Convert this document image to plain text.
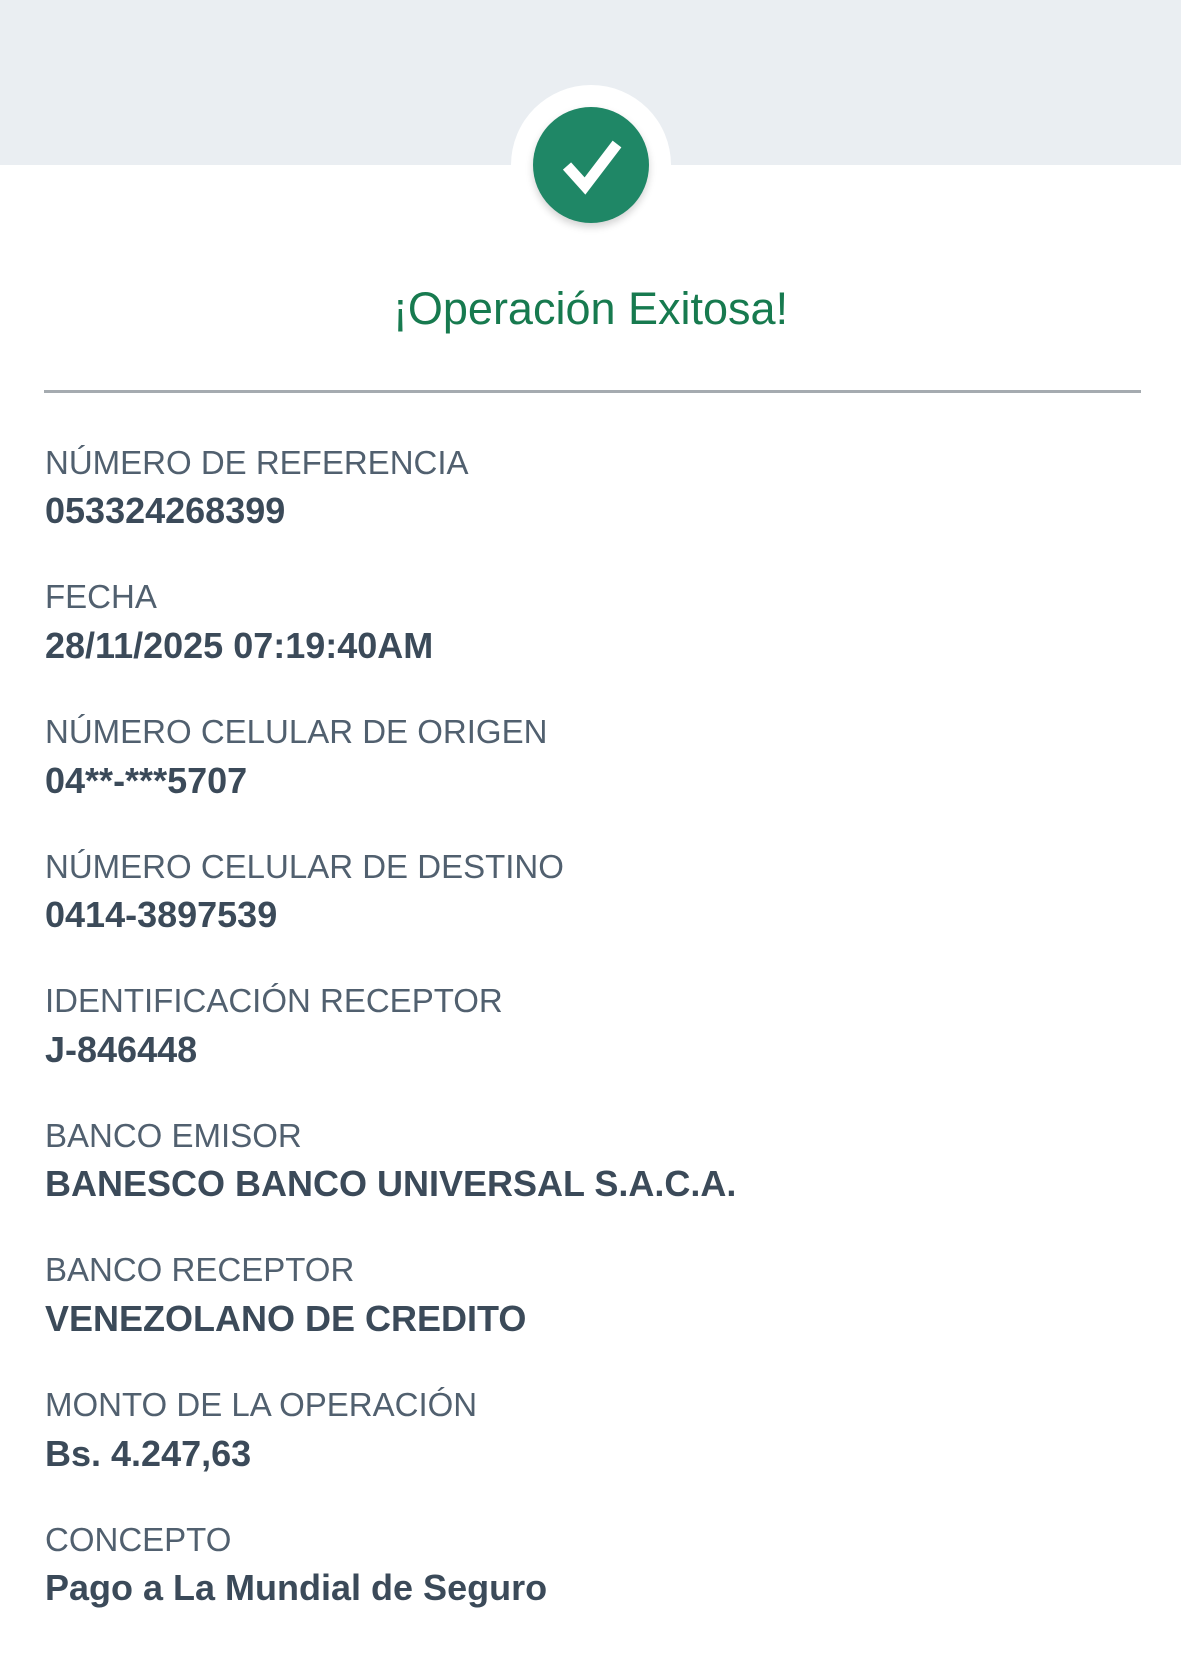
¡Operación Exitosa!
NÚMERO DE REFERENCIA
053324268399
FECHA
28/11/2025 07:19:40AM
NÚMERO CELULAR DE ORIGEN
04**-***5707
NÚMERO CELULAR DE DESTINO
0414-3897539
IDENTIFICACIÓN RECEPTOR
J-846448
BANCO EMISOR
BANESCO BANCO UNIVERSAL S.A.C.A.
BANCO RECEPTOR
VENEZOLANO DE CREDITO
MONTO DE LA OPERACIÓN
Bs. 4.247,63
CONCEPTO
Pago a La Mundial de Seguro
